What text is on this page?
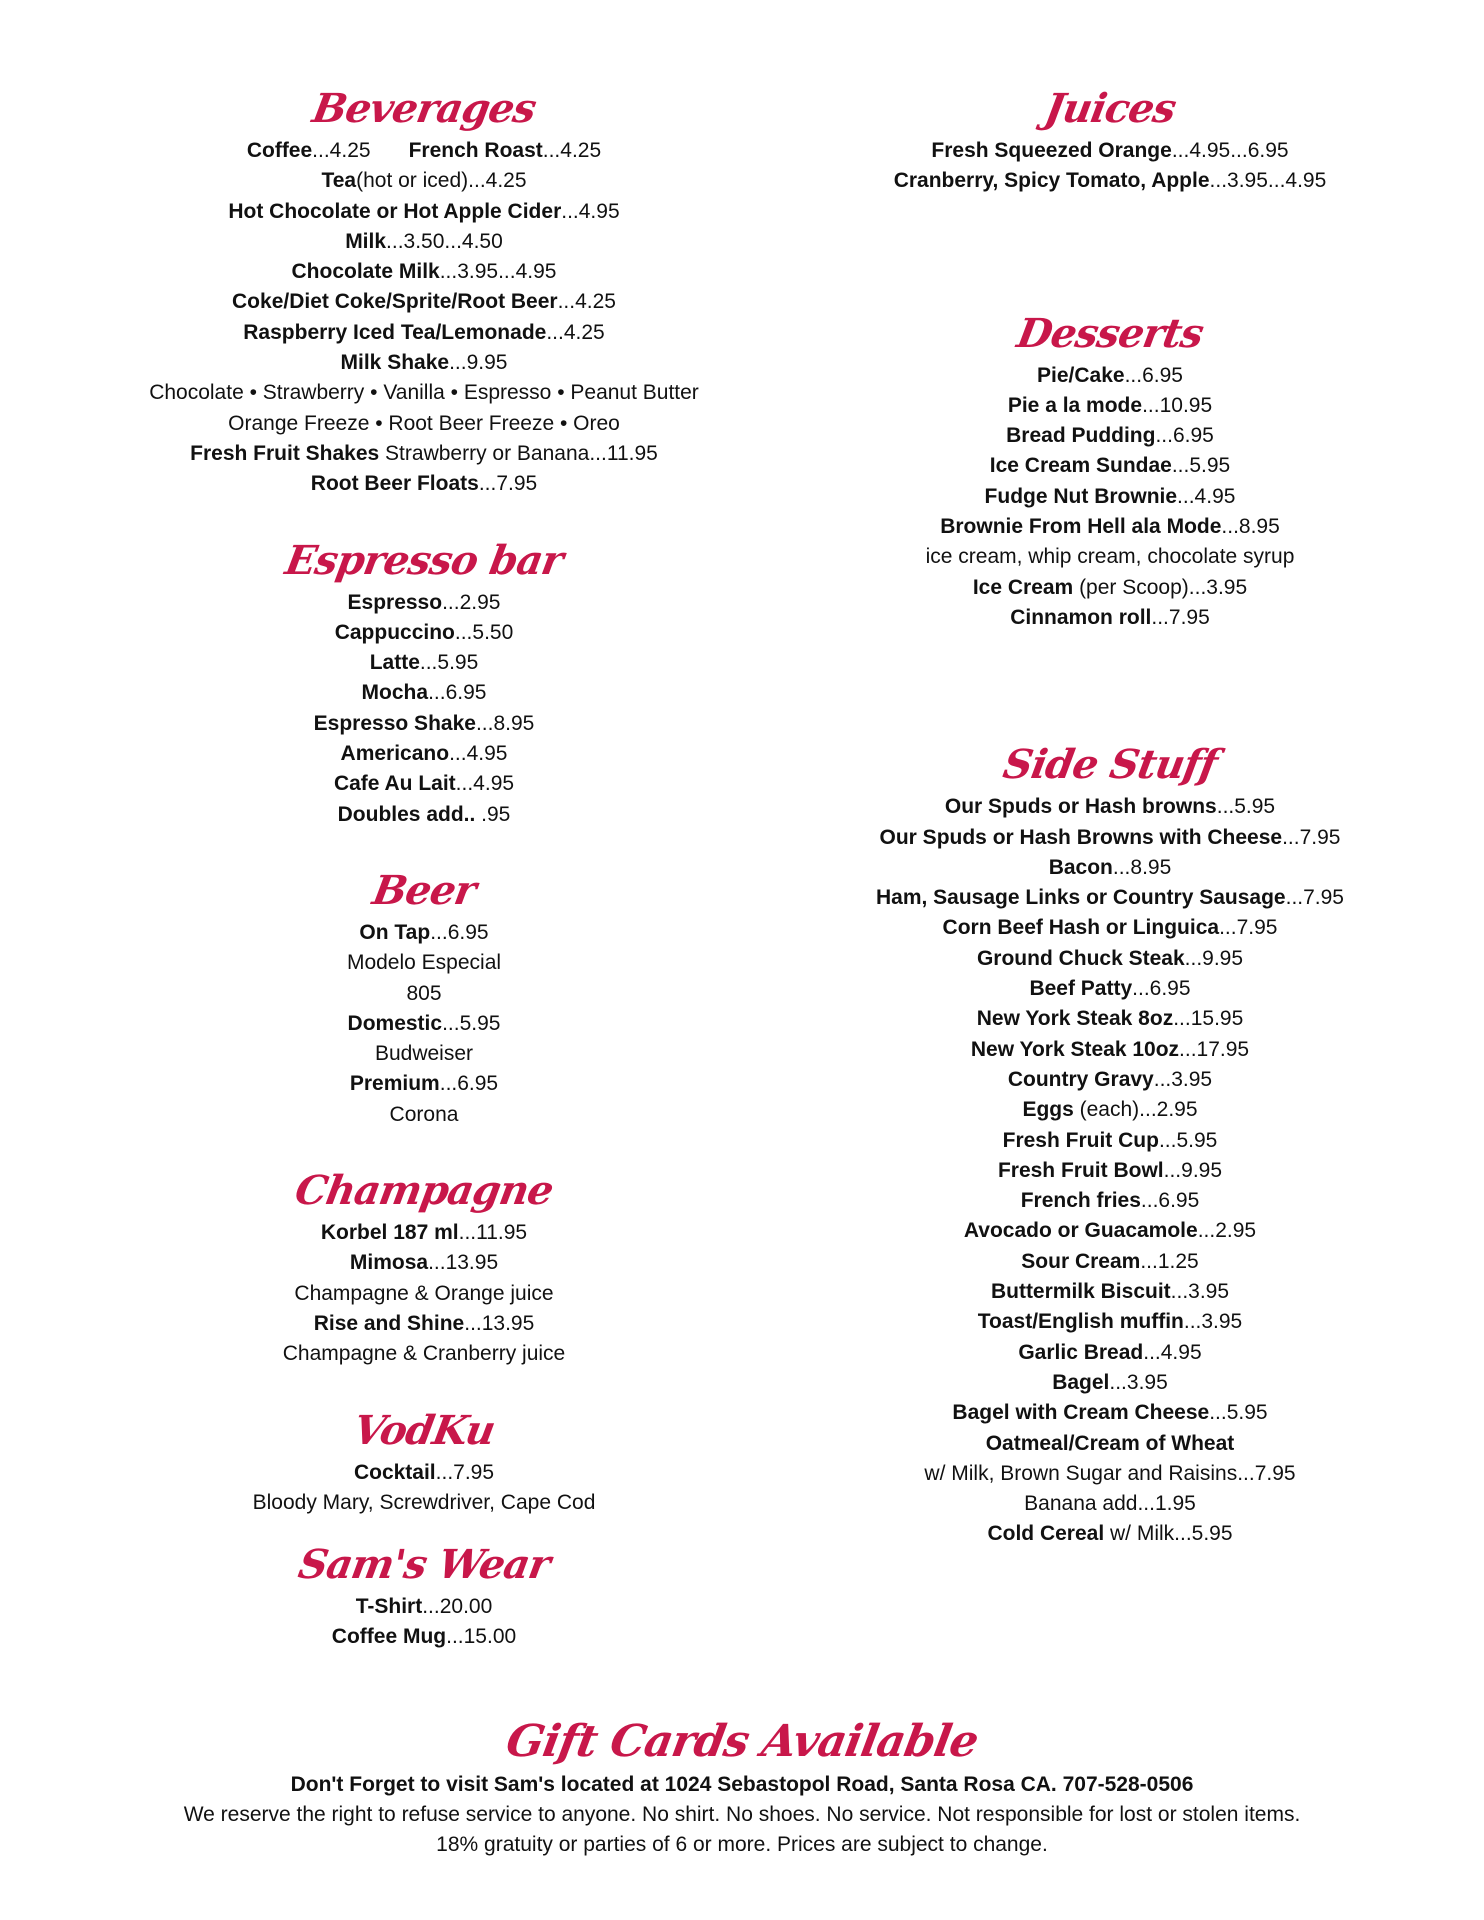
Beverages
Coffee...4.25 French Roast...4.25
Tea(hot or iced)...4.25
Hot Chocolate or Hot Apple Cider...4.95
Milk...3.50...4.50
Chocolate Milk...3.95...4.95
Coke/Diet Coke/Sprite/Root Beer...4.25
Raspberry Iced Tea/Lemonade...4.25
Milk Shake...9.95
Chocolate • Strawberry • Vanilla • Espresso • Peanut Butter
Orange Freeze • Root Beer Freeze • Oreo
Fresh Fruit Shakes Strawberry or Banana...11.95
Root Beer Floats...7.95
Espresso bar
Espresso...2.95
Cappuccino...5.50
Latte...5.95
Mocha...6.95
Espresso Shake...8.95
Americano...4.95
Cafe Au Lait...4.95
Doubles add.. .95
Beer
On Tap...6.95
Modelo Especial
805
Domestic...5.95
Budweiser
Premium...6.95
Corona
Champagne
Korbel 187 ml...11.95
Mimosa...13.95
Champagne & Orange juice
Rise and Shine...13.95
Champagne & Cranberry juice
VodKu
Cocktail...7.95
Bloody Mary, Screwdriver, Cape Cod
Sam's Wear
T-Shirt...20.00
Coffee Mug...15.00
Juices
Fresh Squeezed Orange...4.95...6.95
Cranberry, Spicy Tomato, Apple...3.95...4.95
Desserts
Pie/Cake...6.95
Pie a la mode...10.95
Bread Pudding...6.95
Ice Cream Sundae...5.95
Fudge Nut Brownie...4.95
Brownie From Hell ala Mode...8.95
ice cream, whip cream, chocolate syrup
Ice Cream (per Scoop)...3.95
Cinnamon roll...7.95
Side Stuff
Our Spuds or Hash browns...5.95
Our Spuds or Hash Browns with Cheese...7.95
Bacon...8.95
Ham, Sausage Links or Country Sausage...7.95
Corn Beef Hash or Linguica...7.95
Ground Chuck Steak...9.95
Beef Patty...6.95
New York Steak 8oz...15.95
New York Steak 10oz...17.95
Country Gravy...3.95
Eggs (each)...2.95
Fresh Fruit Cup...5.95
Fresh Fruit Bowl...9.95
French fries...6.95
Avocado or Guacamole...2.95
Sour Cream...1.25
Buttermilk Biscuit...3.95
Toast/English muffin...3.95
Garlic Bread...4.95
Bagel...3.95
Bagel with Cream Cheese...5.95
Oatmeal/Cream of Wheat
w/ Milk, Brown Sugar and Raisins...7.95
Banana add...1.95
Cold Cereal w/ Milk...5.95
Gift Cards Available
Don't Forget to visit Sam's located at 1024 Sebastopol Road, Santa Rosa CA. 707-528-0506
We reserve the right to refuse service to anyone. No shirt. No shoes. No service. Not responsible for lost or stolen items.
18% gratuity or parties of 6 or more. Prices are subject to change.
